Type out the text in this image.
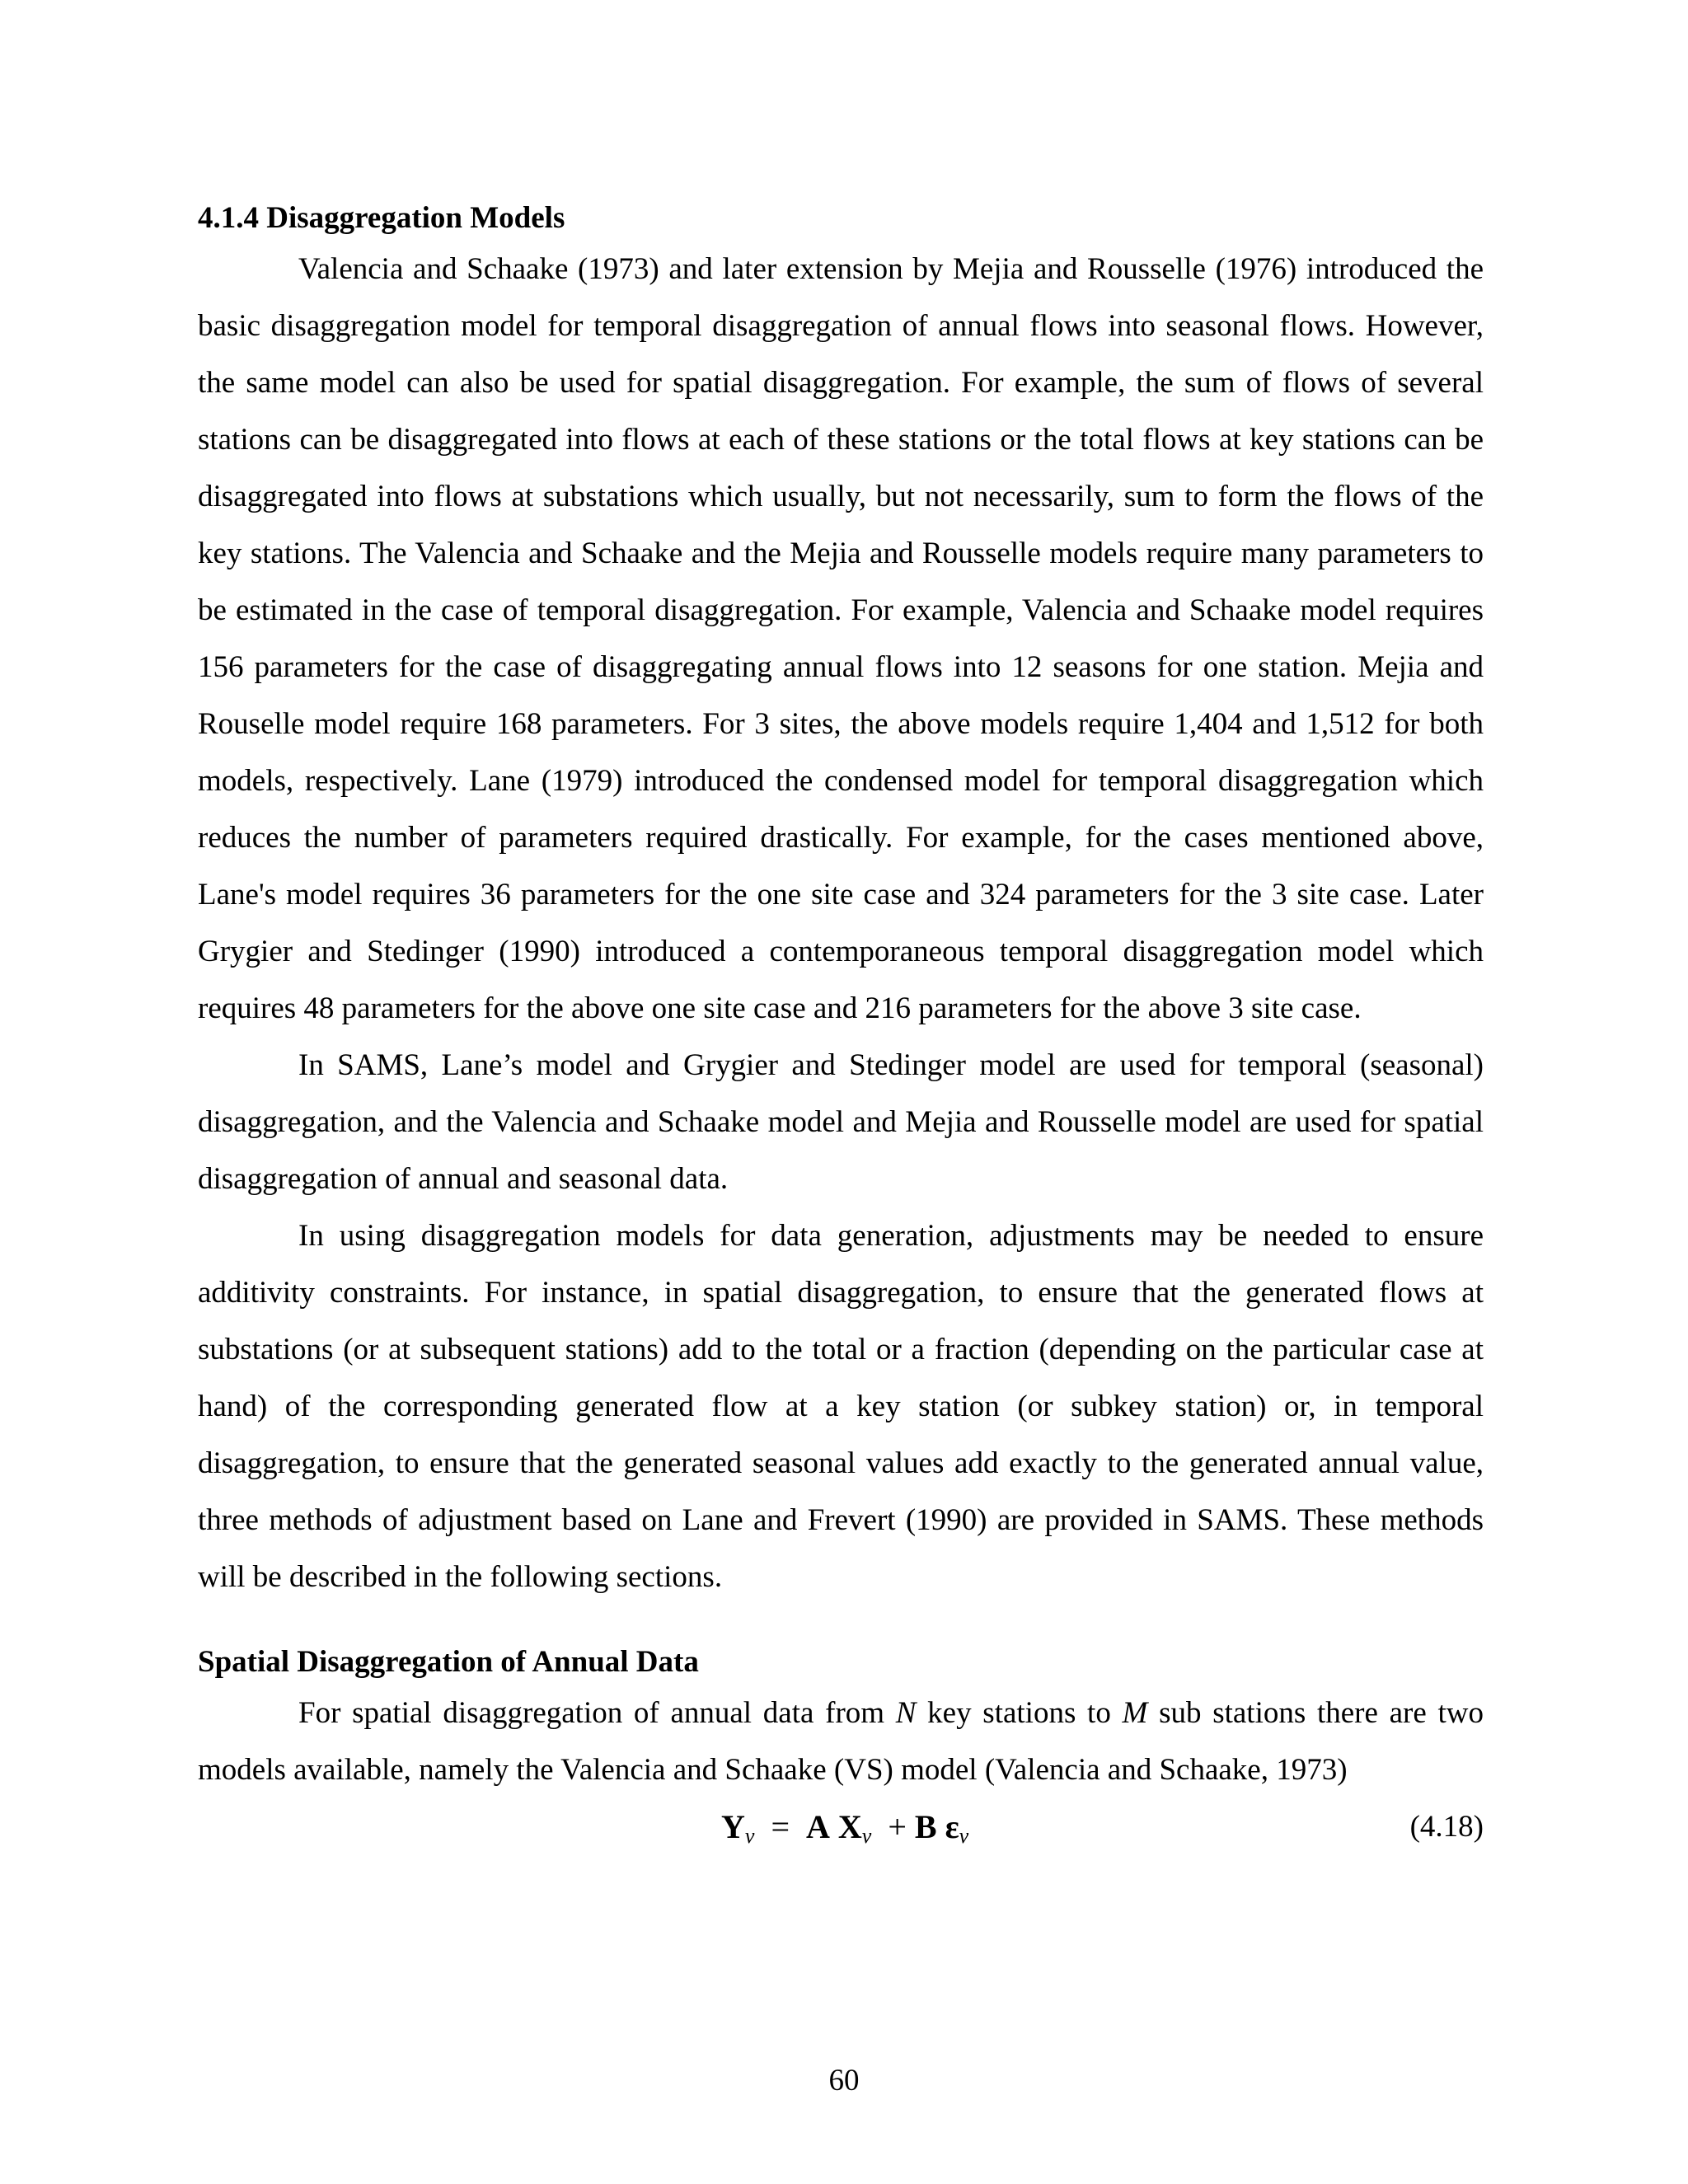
4.1.4 Disaggregation Models

Valencia and Schaake (1973) and later extension by Mejia and Rousselle (1976) introduced the basic disaggregation model for temporal disaggregation of annual flows into seasonal flows. However, the same model can also be used for spatial disaggregation. For example, the sum of flows of several stations can be disaggregated into flows at each of these stations or the total flows at key stations can be disaggregated into flows at substations which usually, but not necessarily, sum to form the flows of the key stations. The Valencia and Schaake and the Mejia and Rousselle models require many parameters to be estimated in the case of temporal disaggregation. For example, Valencia and Schaake model requires 156 parameters for the case of disaggregating annual flows into 12 seasons for one station. Mejia and Rouselle model require 168 parameters. For 3 sites, the above models require 1,404 and 1,512 for both models, respectively. Lane (1979) introduced the condensed model for temporal disaggregation which reduces the number of parameters required drastically. For example, for the cases mentioned above, Lane's model requires 36 parameters for the one site case and 324 parameters for the 3 site case. Later Grygier and Stedinger (1990) introduced a contemporaneous temporal disaggregation model which requires 48 parameters for the above one site case and 216 parameters for the above 3 site case.

In SAMS, Lane’s model and Grygier and Stedinger model are used for temporal (seasonal) disaggregation, and the Valencia and Schaake model and Mejia and Rousselle model are used for spatial disaggregation of annual and seasonal data.

In using disaggregation models for data generation, adjustments may be needed to ensure additivity constraints. For instance, in spatial disaggregation, to ensure that the generated flows at substations (or at subsequent stations) add to the total or a fraction (depending on the particular case at hand) of the corresponding generated flow at a key station (or subkey station) or, in temporal disaggregation, to ensure that the generated seasonal values add exactly to the generated annual value, three methods of adjustment based on Lane and Frevert (1990) are provided in SAMS. These methods will be described in the following sections.

Spatial Disaggregation of Annual Data

For spatial disaggregation of annual data from N key stations to M sub stations there are two models available, namely the Valencia and Schaake (VS) model (Valencia and Schaake, 1973)

$Y_\nu = A$ $X_\nu + B$ $\varepsilon_\nu$	(4.18)
60
